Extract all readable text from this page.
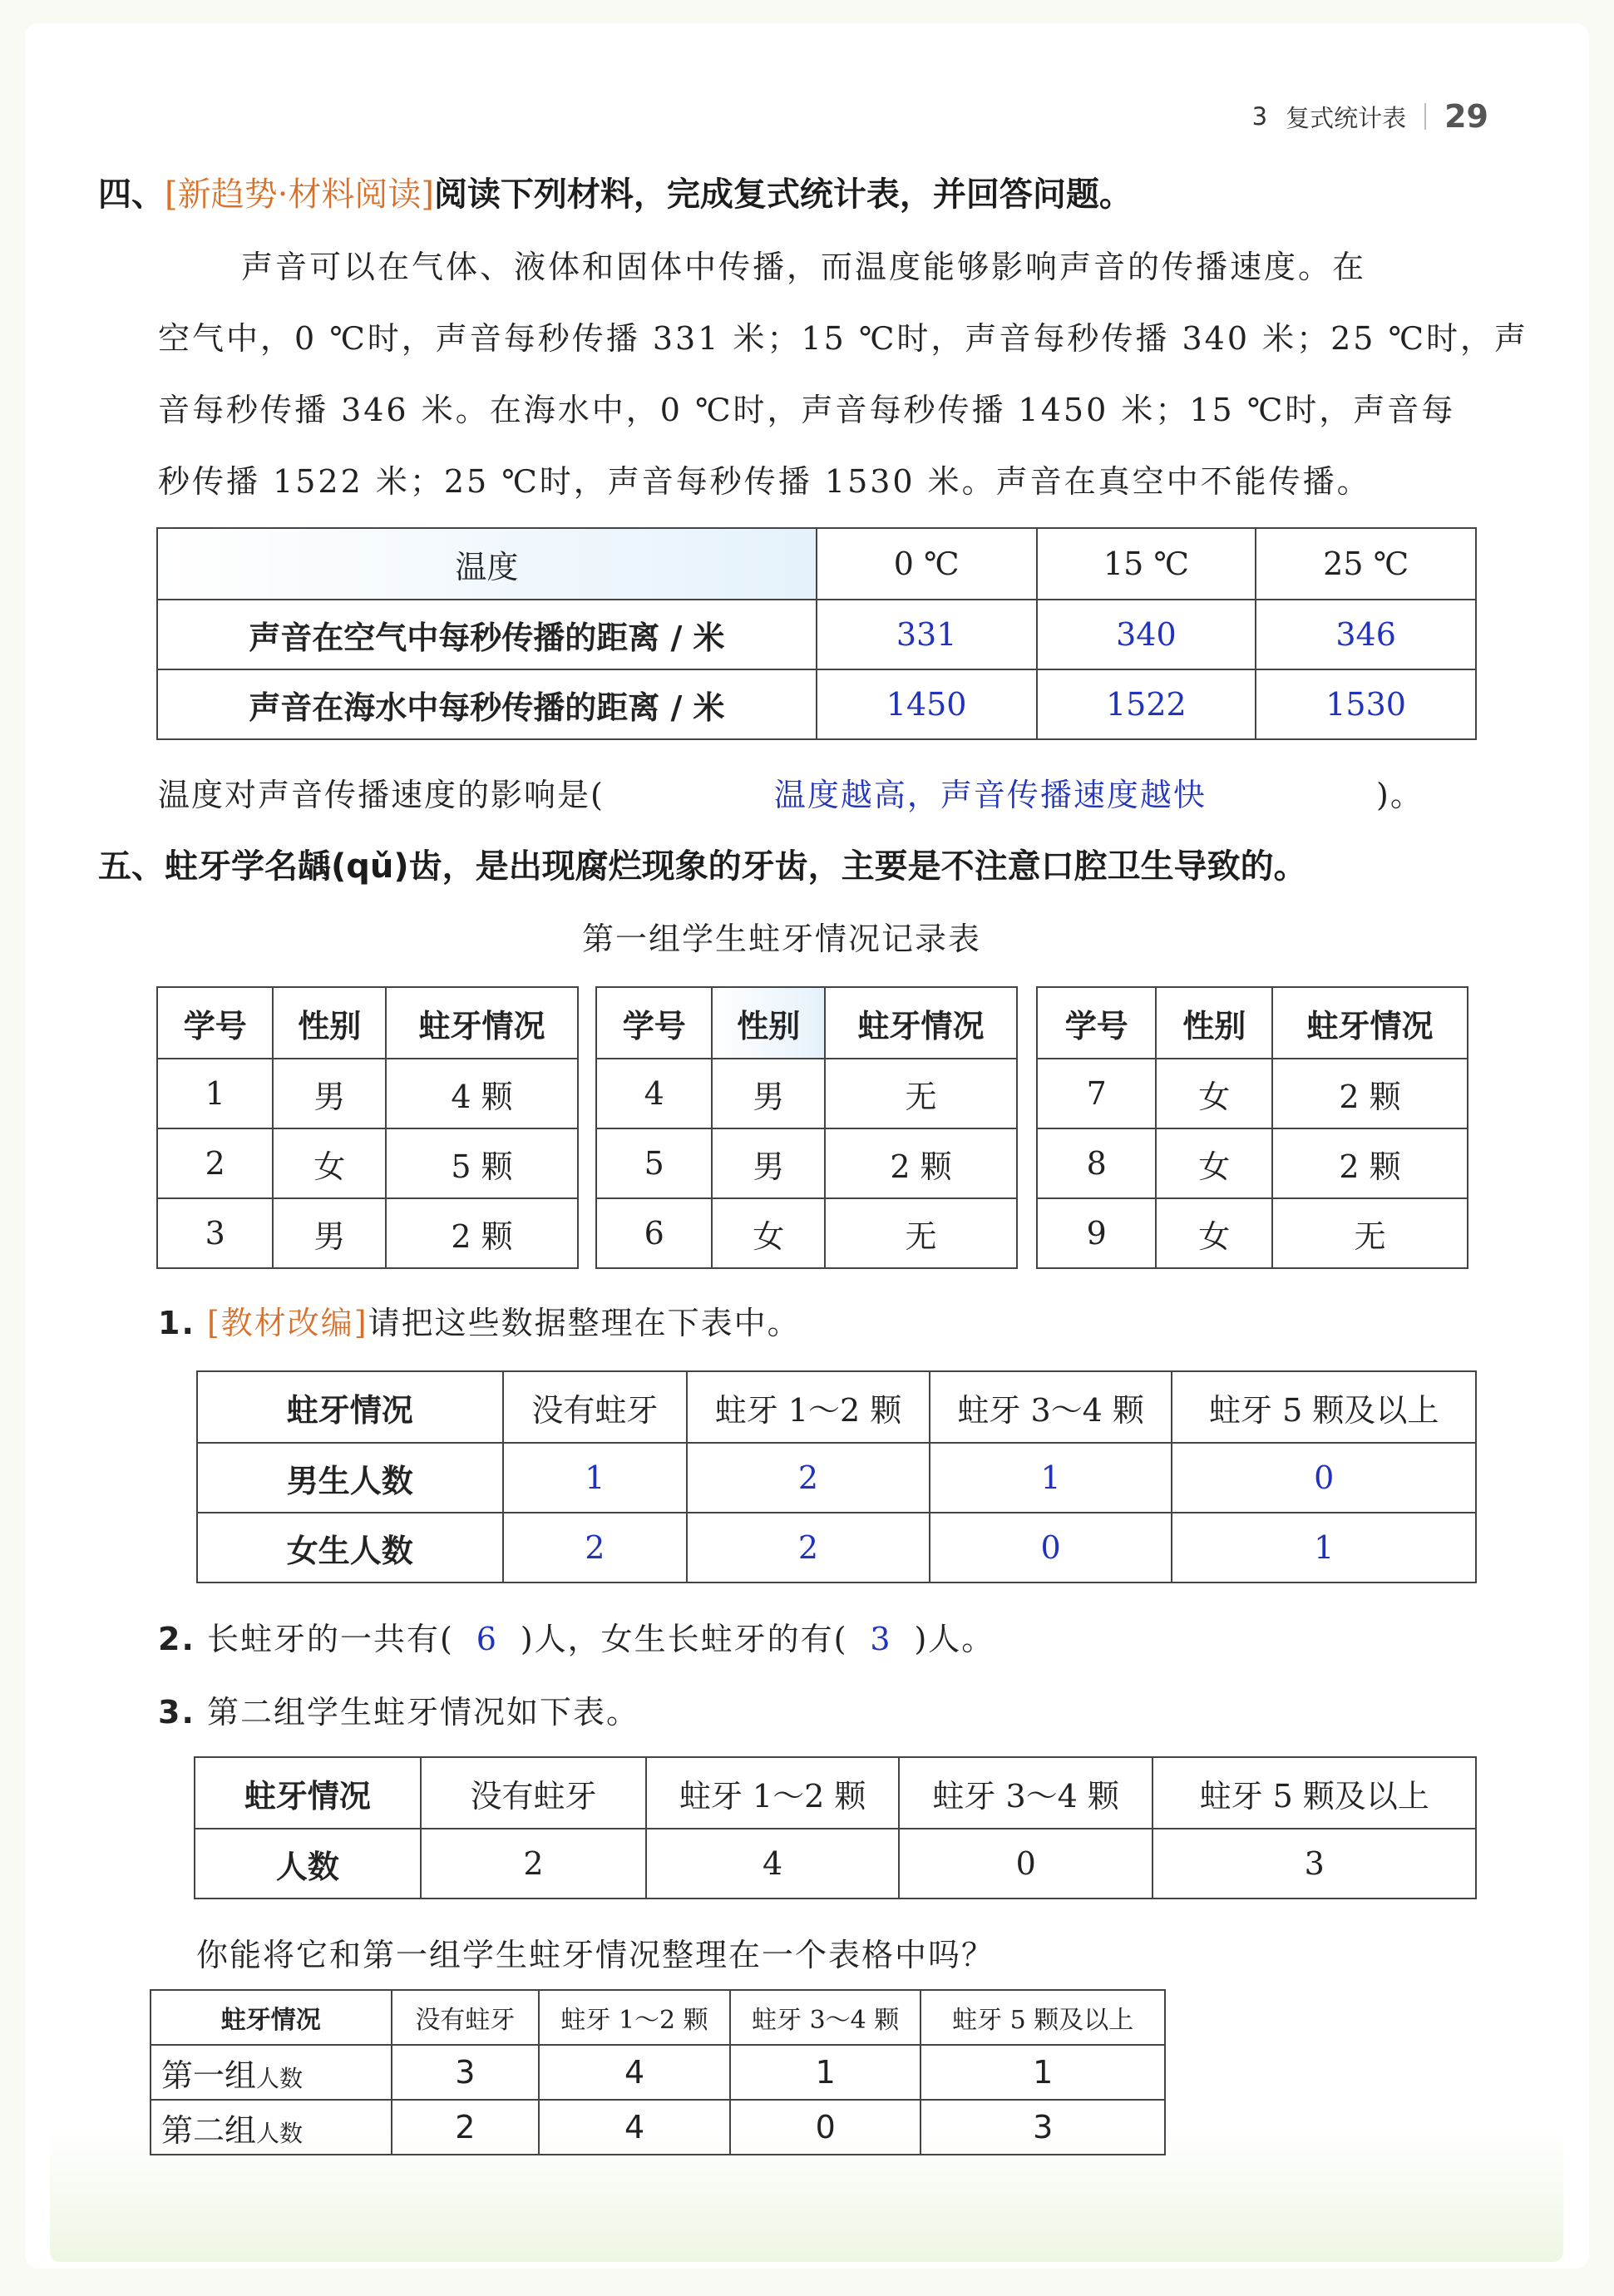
3 复式统计表 29
四、[新趋势·材料阅读]阅读下列材料，完成复式统计表，并回答问题。
声音可以在气体、液体和固体中传播，而温度能够影响声音的传播速度。在
空气中，0 ℃时，声音每秒传播 331 米；15 ℃时，声音每秒传播 340 米；25 ℃时，声
音每秒传播 346 米。在海水中，0 ℃时，声音每秒传播 1450 米；15 ℃时，声音每
秒传播 1522 米；25 ℃时，声音每秒传播 1530 米。声音在真空中不能传播。
温度	0 ℃	15 ℃	25 ℃
声音在空气中每秒传播的距离 / 米	331	340	346
声音在海水中每秒传播的距离 / 米	1450	1522	1530
温度对声音传播速度的影响是(	温度越高，声音传播速度越快	)。
五、蛀牙学名龋(qǔ)齿，是出现腐烂现象的牙齿，主要是不注意口腔卫生导致的。
第一组学生蛀牙情况记录表
学号	性别	蛀牙情况
1	男	4 颗
2	女	5 颗
3	男	2 颗
学号	性别	蛀牙情况
4	男	无
5	男	2 颗
6	女	无
学号	性别	蛀牙情况
7	女	2 颗
8	女	2 颗
9	女	无
1. [教材改编]请把这些数据整理在下表中。
蛀牙情况	没有蛀牙	蛀牙 1～2 颗	蛀牙 3～4 颗	蛀牙 5 颗及以上
男生人数	1	2	1	0
女生人数	2	2	0	1
2. 长蛀牙的一共有( 6 )人，女生长蛀牙的有( 3 )人。
3. 第二组学生蛀牙情况如下表。
蛀牙情况	没有蛀牙	蛀牙 1～2 颗	蛀牙 3～4 颗	蛀牙 5 颗及以上
人数	2	4	0	3
你能将它和第一组学生蛀牙情况整理在一个表格中吗？
蛀牙情况	没有蛀牙	蛀牙 1～2 颗	蛀牙 3～4 颗	蛀牙 5 颗及以上
第一组人数	3	4	1	1
第二组人数	2	4	0	3
